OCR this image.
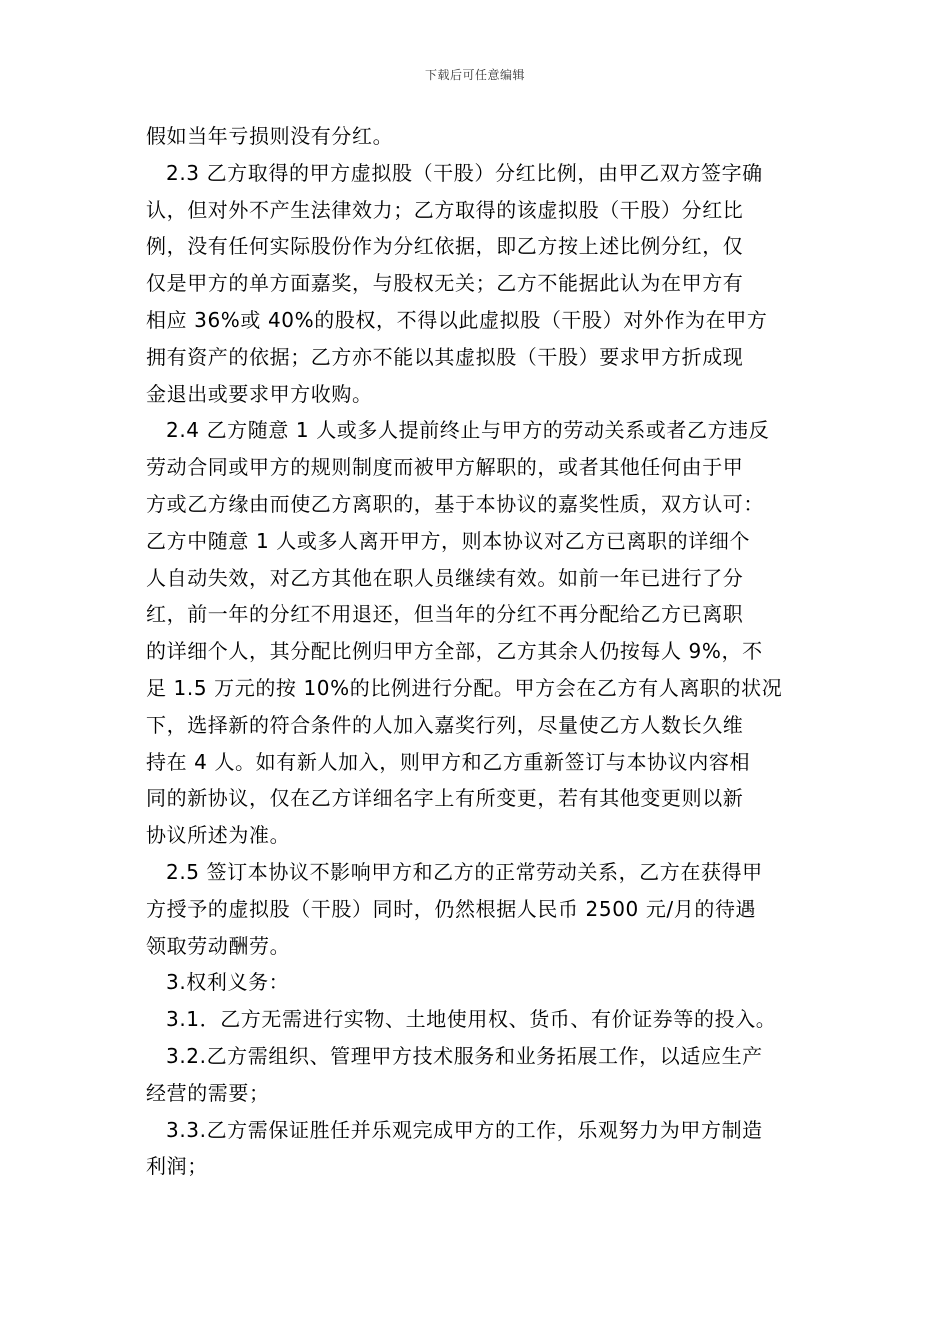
下载后可任意编辑
假如当年亏损则没有分红。
2.3 乙方取得的甲方虚拟股（干股）分红比例，由甲乙双方签字确
认，但对外不产生法律效力；乙方取得的该虚拟股（干股）分红比
例，没有任何实际股份作为分红依据，即乙方按上述比例分红，仅
仅是甲方的单方面嘉奖，与股权无关；乙方不能据此认为在甲方有
相应 36%或 40%的股权，不得以此虚拟股（干股）对外作为在甲方
拥有资产的依据；乙方亦不能以其虚拟股（干股）要求甲方折成现
金退出或要求甲方收购。
2.4 乙方随意 1 人或多人提前终止与甲方的劳动关系或者乙方违反
劳动合同或甲方的规则制度而被甲方解职的，或者其他任何由于甲
方或乙方缘由而使乙方离职的，基于本协议的嘉奖性质，双方认可：
乙方中随意 1 人或多人离开甲方，则本协议对乙方已离职的详细个
人自动失效，对乙方其他在职人员继续有效。如前一年已进行了分
红，前一年的分红不用退还，但当年的分红不再分配给乙方已离职
的详细个人，其分配比例归甲方全部，乙方其余人仍按每人 9%，不
足 1.5 万元的按 10%的比例进行分配。甲方会在乙方有人离职的状况
下，选择新的符合条件的人加入嘉奖行列，尽量使乙方人数长久维
持在 4 人。如有新人加入，则甲方和乙方重新签订与本协议内容相
同的新协议，仅在乙方详细名字上有所变更，若有其他变更则以新
协议所述为准。
2.5 签订本协议不影响甲方和乙方的正常劳动关系，乙方在获得甲
方授予的虚拟股（干股）同时，仍然根据人民币 2500 元/月的待遇
领取劳动酬劳。
3.权利义务：
3.1．乙方无需进行实物、土地使用权、货币、有价证券等的投入。
3.2.乙方需组织、管理甲方技术服务和业务拓展工作，以适应生产
经营的需要；
3.3.乙方需保证胜任并乐观完成甲方的工作，乐观努力为甲方制造
利润；
